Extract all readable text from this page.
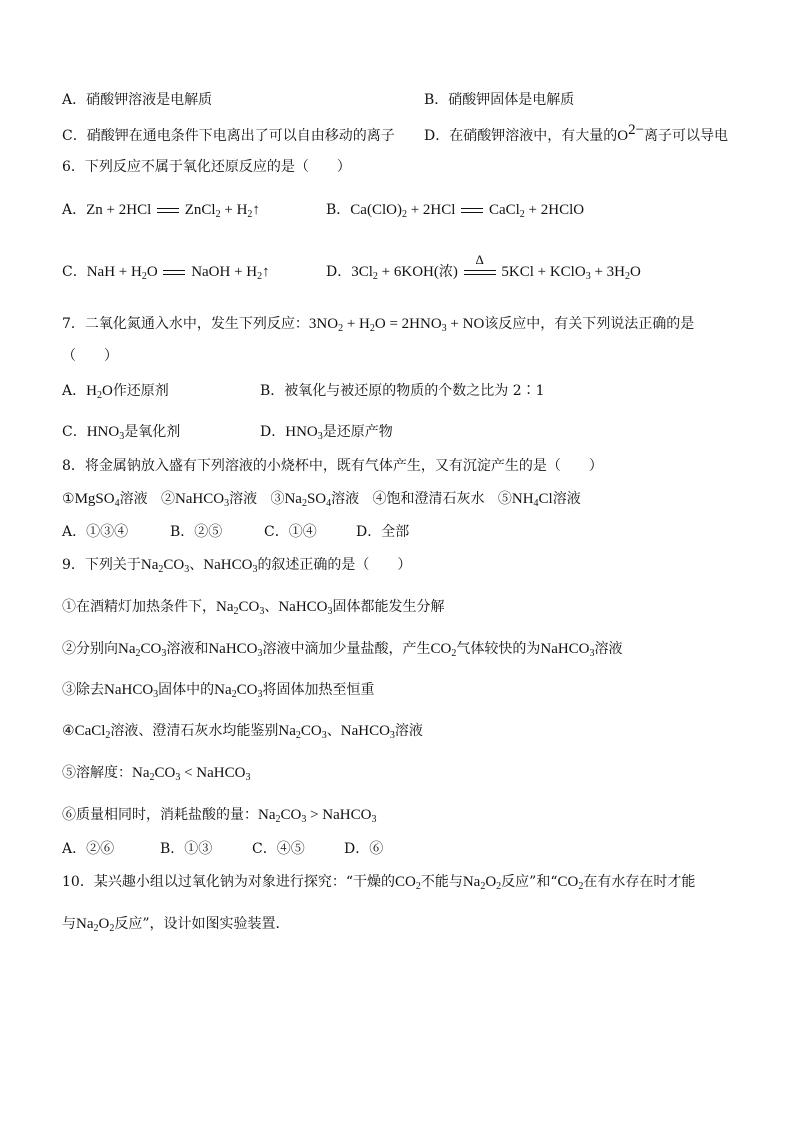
A．硝酸钾溶液是电解质	B．硝酸钾固体是电解质
C．硝酸钾在通电条件下电离出了可以自由移动的离子 D．在硝酸钾溶液中，有大量的$O^{2-}$离子可以导电
6．下列反应不属于氧化还原反应的是（　　）
A．Zn + 2HCl  ZnCl$_2$ + $H_2↑$	B．$Ca(ClO)_2 + 2HCl$  CaCl$_2$ + 2HClO
C．NaH + $H_2O$  NaOH + $H_2↑$	D．$3Cl_2 + 6KOH$(浓)
Δ
5KCl + KClO$_3$ + $3H_2O$
7．二氧化氮通入水中，发生下列反应：$3NO_2 + H_2O = 2HNO_3$ + NO该反应中，有关下列说法正确的是
（　　）
A．$H_2O$作还原剂	B．被氧化与被还原的物质的个数之比为 2∶1
C．$HNO_3$是氧化剂	D．$HNO_3$是还原产物
8．将金属钠放入盛有下列溶液的小烧杯中，既有气体产生，又有沉淀产生的是（　　）
①MgSO$_4$溶液 ②NaHCO$_3$溶液 $③Na_2SO_4$溶液 ④饱和澄清石灰水 $⑤NH_4Cl$溶液
A．①③④	B．②⑤	C．①④	D．全部
9．下列关于$Na_2CO_3$、NaHCO$_3$的叙述正确的是（　　）
①在酒精灯加热条件下，$Na_2CO_3$、NaHCO$_3$固体都能发生分解
②分别向$Na_2CO_3$溶液和NaHCO$_3$溶液中滴加少量盐酸，产生$CO_2$气体较快的为NaHCO$_3$溶液
③除去NaHCO$_3$固体中的$Na_2CO_3$将固体加热至恒重
④CaCl$_2$溶液、澄清石灰水均能鉴别$Na_2CO_3$、NaHCO$_3$溶液
⑤溶解度：$Na_2CO_3$ < NaHCO$_3$
⑥质量相同时，消耗盐酸的量：$Na_2CO_3$ > NaHCO$_3$
A．②⑥	B．①③	C．④⑤	D．⑥
10．某兴趣小组以过氧化钠为对象进行探究：“干燥的$CO_2$不能与$Na_2O_2$反应”和“$CO_2$在有水存在时才能
与$Na_2O_2$反应”，设计如图实验装置．
